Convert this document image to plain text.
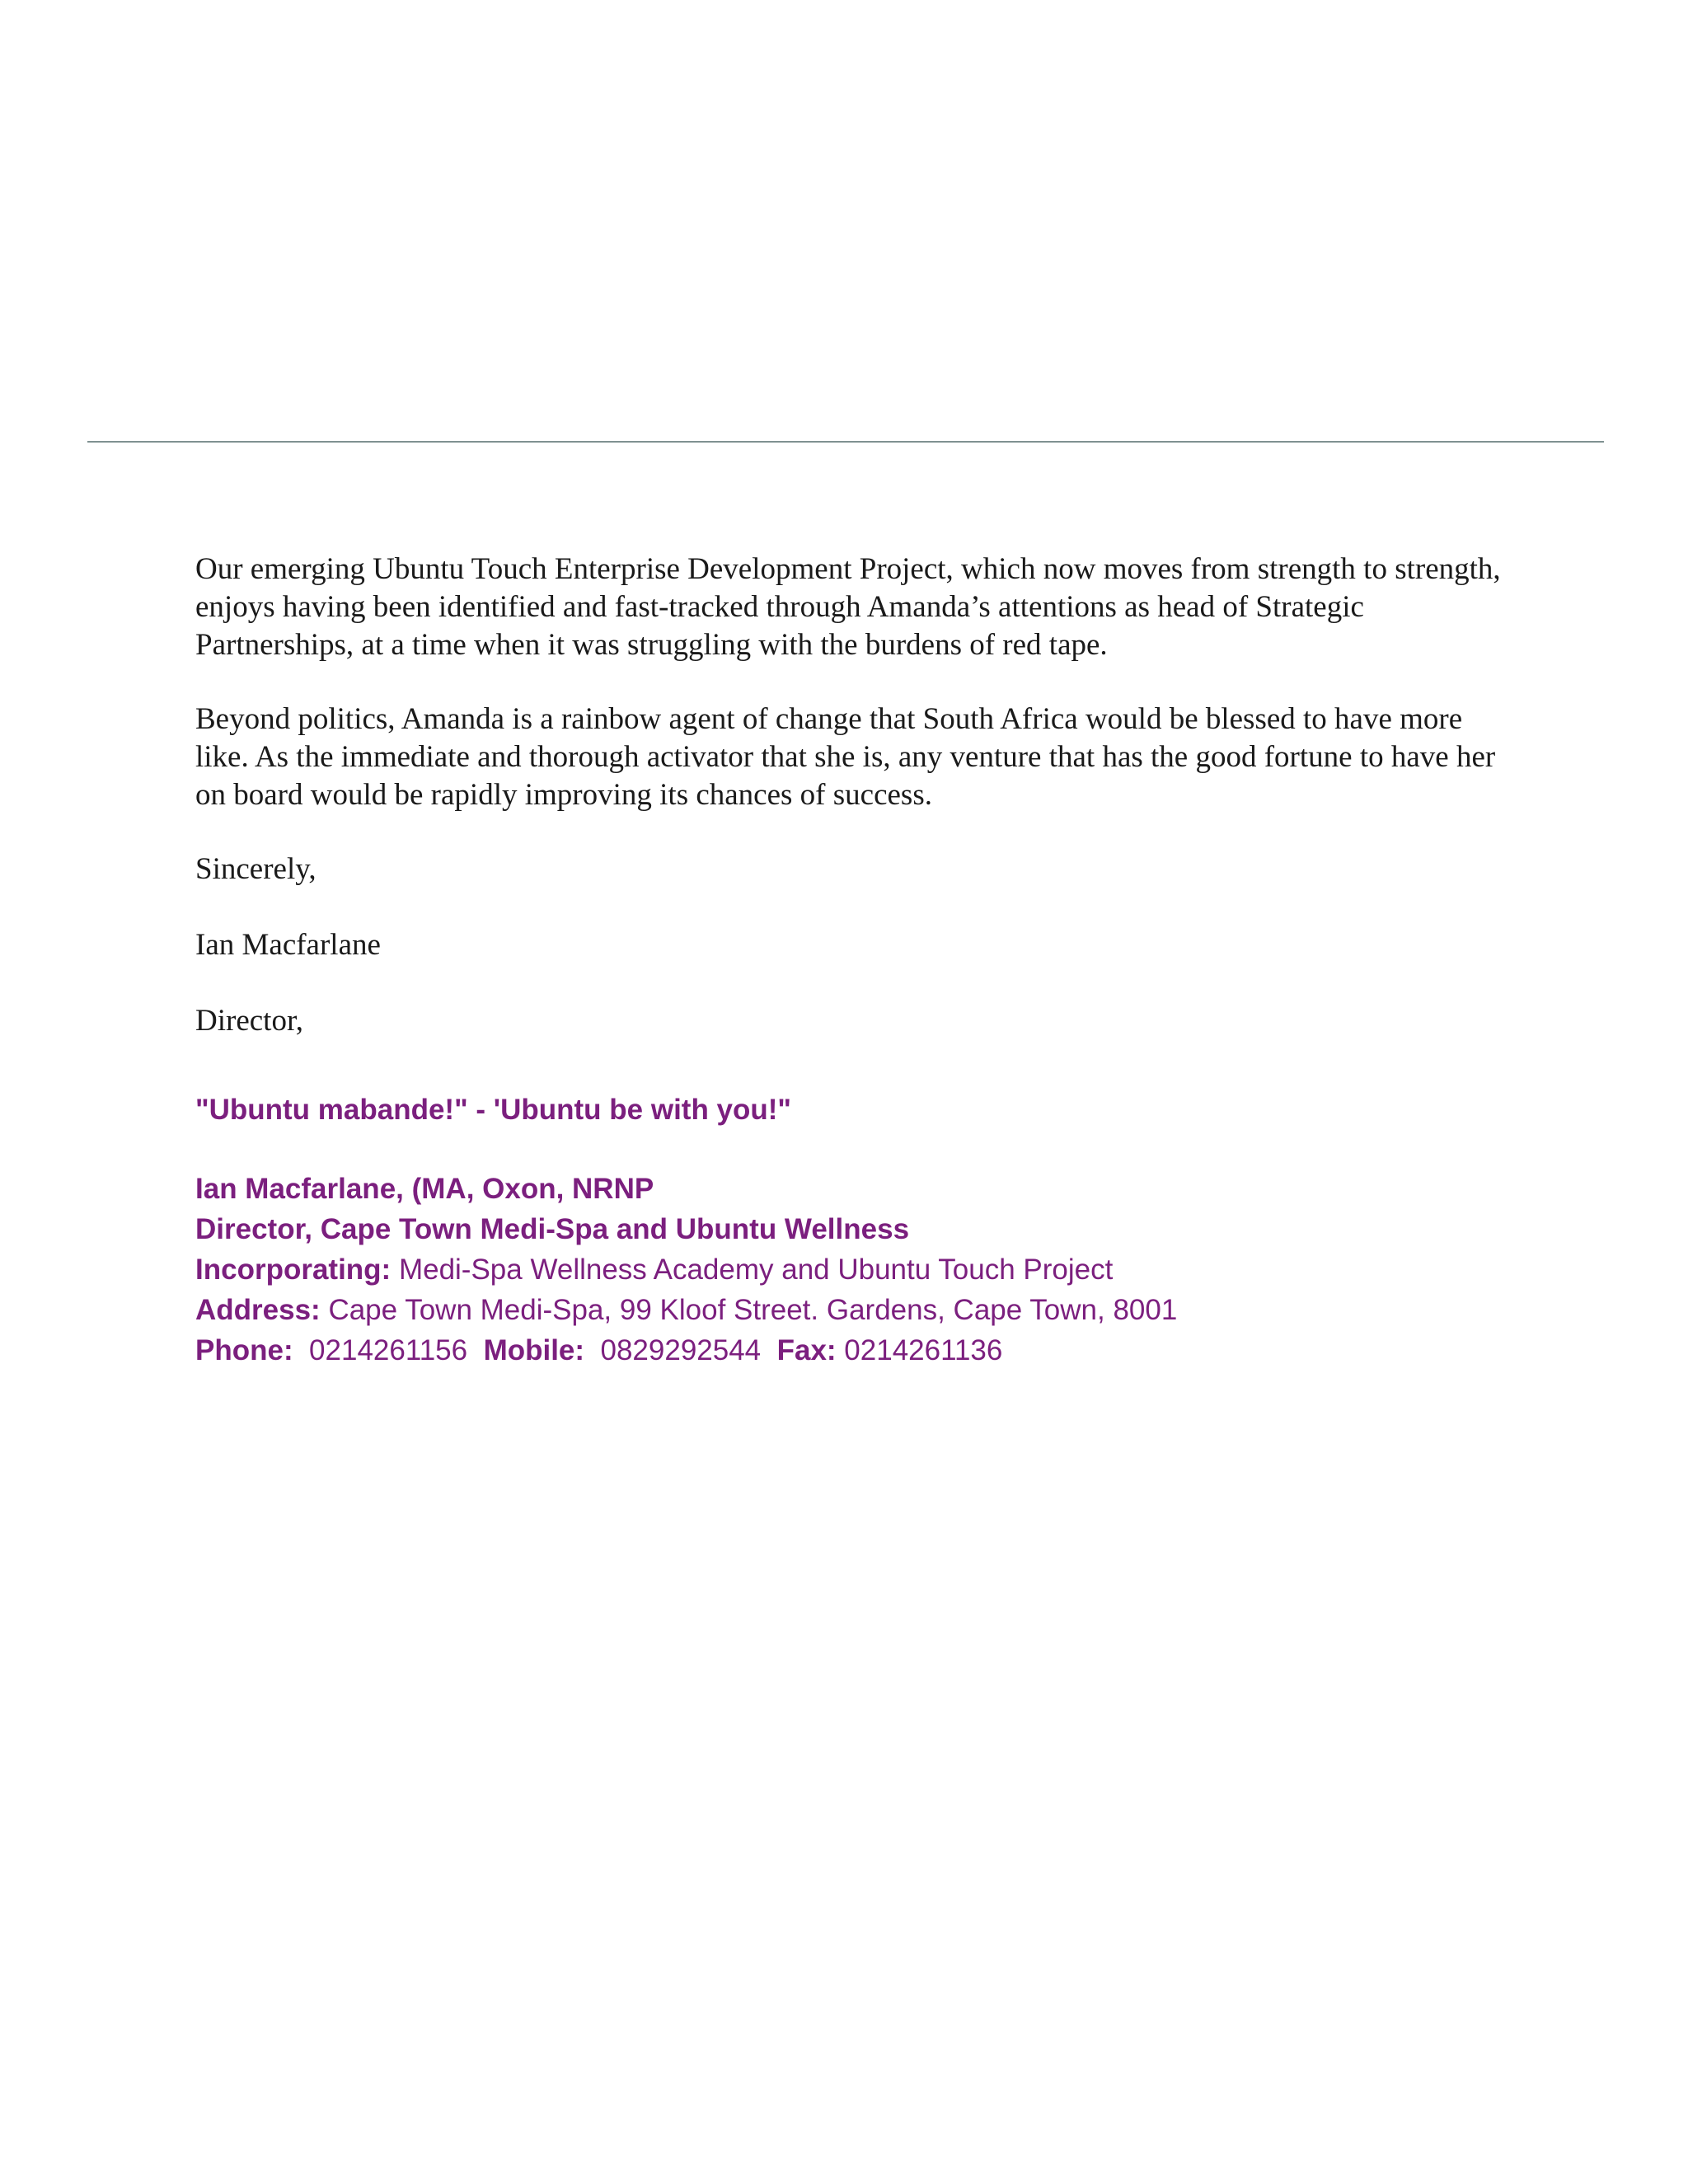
Our emerging Ubuntu Touch Enterprise Development Project, which now moves from strength to strength, enjoys having been identified and fast-tracked through Amanda’s attentions as head of Strategic Partnerships, at a time when it was struggling with the burdens of red tape.

Beyond politics, Amanda is a rainbow agent of change that South Africa would be blessed to have more like. As the immediate and thorough activator that she is, any venture that has the good fortune to have her on board would be rapidly improving its chances of success.

Sincerely,

Ian Macfarlane

Director,

"Ubuntu mabande!" - 'Ubuntu be with you!"

Ian Macfarlane, (MA, Oxon, NRNP

Director, Cape Town Medi-Spa and Ubuntu Wellness

Incorporating: Medi-Spa Wellness Academy and Ubuntu Touch Project

Address: Cape Town Medi-Spa, 99 Kloof Street. Gardens, Cape Town, 8001

Phone:  0214261156  Mobile:  0829292544  Fax: 0214261136
